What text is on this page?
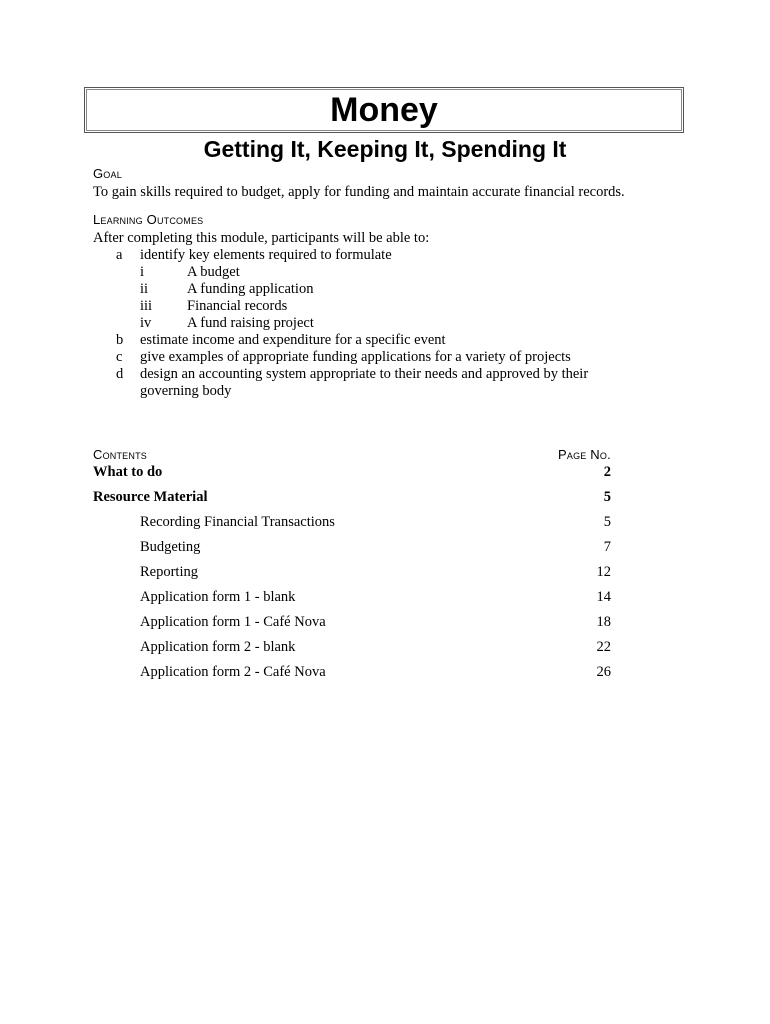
Money
Getting It, Keeping It, Spending It
Goal
To gain skills required to budget, apply for funding and maintain accurate financial records.
Learning Outcomes
After completing this module, participants will be able to:
a identify key elements required to formulate
i	A budget
ii	A funding application
iii Financial records
iv A fund raising project
b estimate income and expenditure for a specific event
c give examples of appropriate funding applications for a variety of projects
d design an accounting system appropriate to their needs and approved by their
governing body
Contents	Page No.
What to do	2
Resource Material	5
Recording Financial Transactions	5
Budgeting	7
Reporting	12
Application form 1 - blank	14
Application form 1 - Café Nova	18
Application form 2 - blank	22
Application form 2 - Café Nova	26
